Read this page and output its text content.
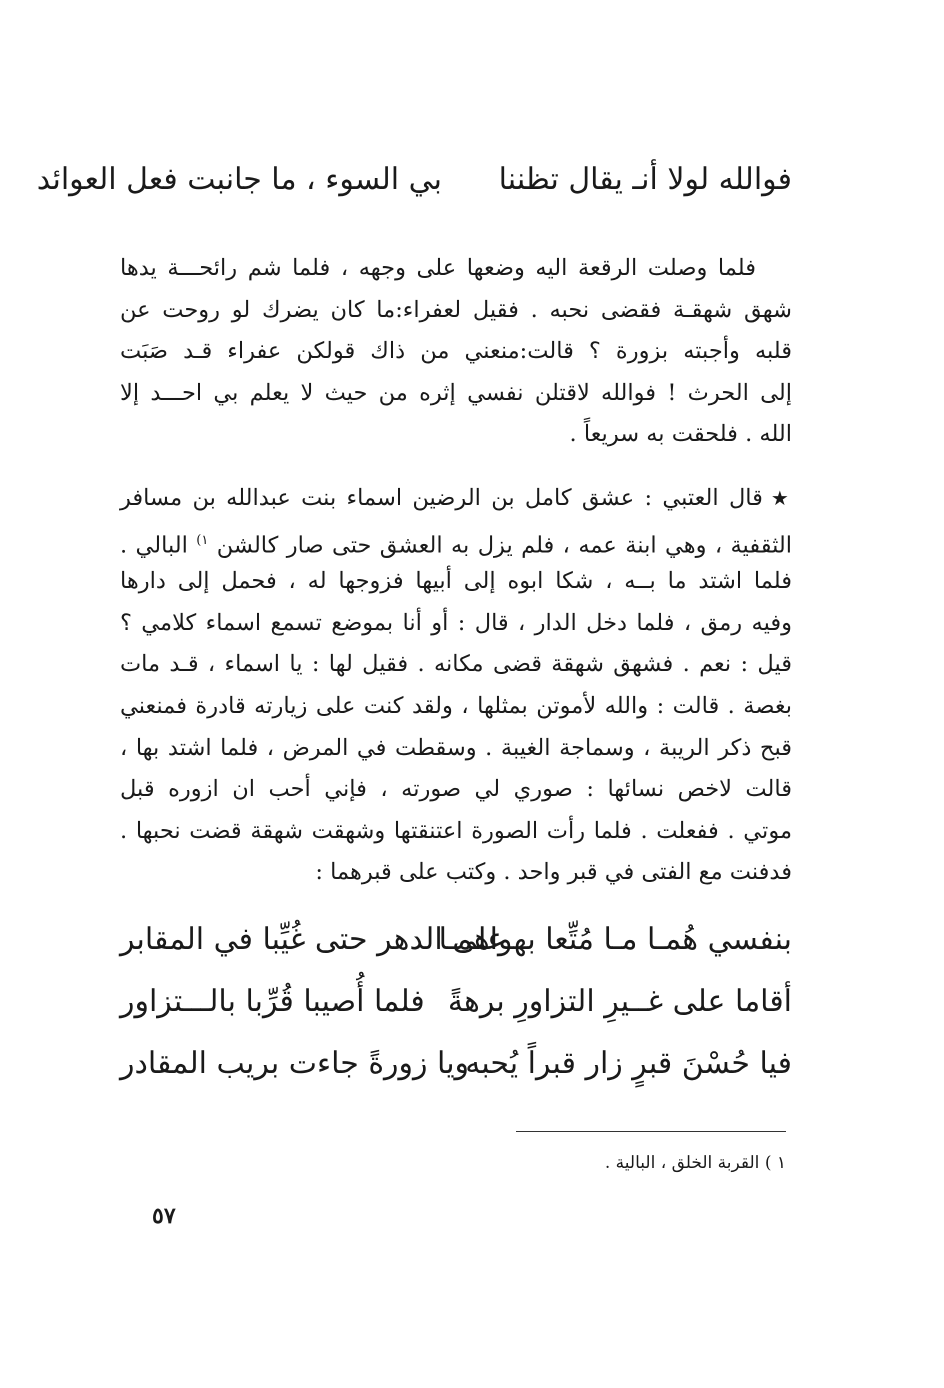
فوالله لولا أنـ يقال تظننا
بي السوء ، ما جانبت فعل العوائد
فلما وصلت الرقعة اليه وضعها على وجهه ، فلما شم رائحـــة يدها
شهق شهقـة فقضى نحبه . فقيل لعفراء:ما كان يضرك لو روحت عن
قلبه وأجبته بزورة ؟ قالت:منعني من ذاك قولكن عفراء قـد صَبَت
إلى الحرث ! فوالله لاقتلن نفسي إثره من حيث لا يعلم بي احـــد إلا
الله . فلحقت به سريعاً .
★قال العتبي : عشق كامل بن الرضين اسماء بنت عبدالله بن مسافر
الثقفية ، وهي ابنة عمه ، فلم يزل به العشق حتى صار كالشن $^{١)}$ البالي .
فلما اشتد ما بــه ، شكا ابوه إلى أبيها فزوجها له ، فحمل إلى دارها
وفيه رمق ، فلما دخل الدار ، قال : أو أنا بموضع تسمع اسماء كلامي ؟
قيل : نعم . فشهق شهقة قضى مكانه . فقيل لها : يا اسماء ، قـد مات
بغصة . قالت : والله لأموتن بمثلها ، ولقد كنت على زيارته قادرة فمنعني
قبح ذكر الريبة ، وسماجة الغيبة . وسقطت في المرض ، فلما اشتد بها ،
قالت لاخص نسائها : صوري لي صورته ، فإني أحب ان ازوره قبل
موتي . ففعلت . فلما رأت الصورة اعتنقتها وشهقت شهقة قضت نحبها .
فدفنت مع الفتى في قبر واحد . وكتب على قبرهما :
بنفسي هُمـا مـا مُتِّعا بهواهمـا
على الدهر حتى غُيِّبا في المقابر
أقاما على غــيرِ التزاورِ برهةً
فلما أُصيبا قُرِّبا بالـــتزاور
فيا حُسْنَ قبرٍ زار قبراً يُحبه
ويا زورةً جاءت بريب المقادر
١ ) القربة الخلق ، البالية .
٥٧
